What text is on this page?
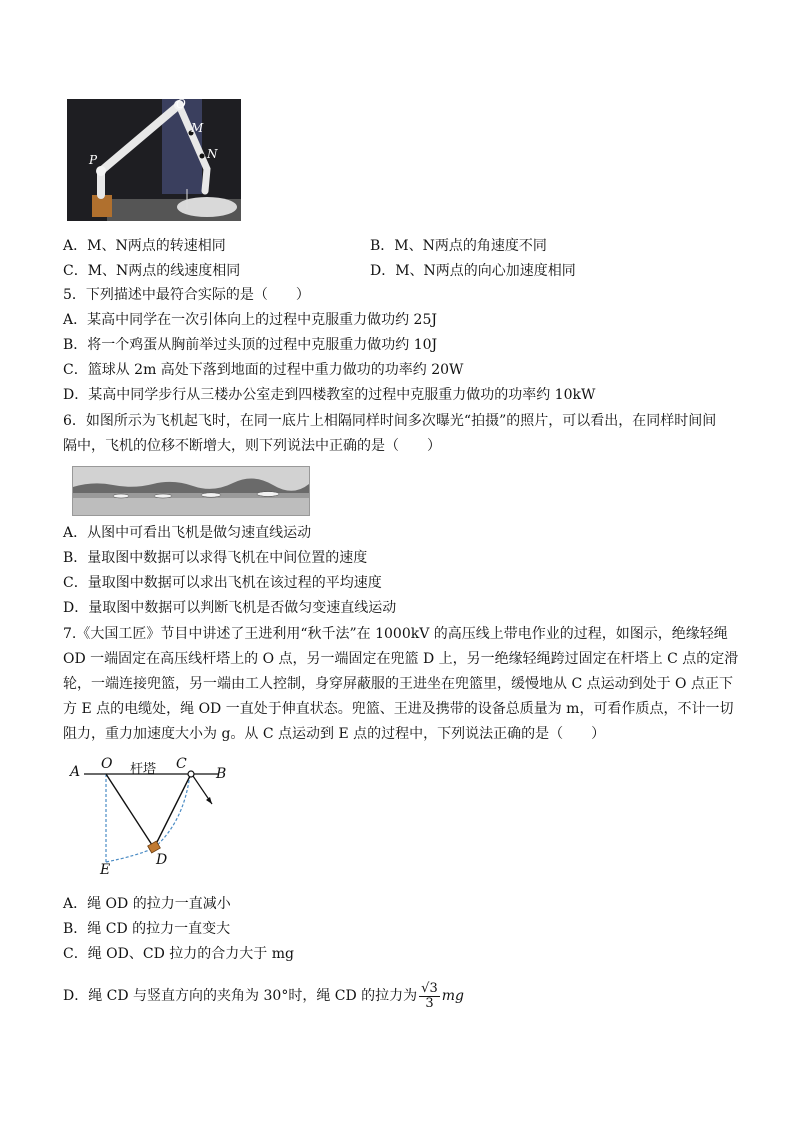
O
M
N
P
A．M、N两点的转速相同	B．M、N两点的角速度不同
C．M、N两点的线速度相同	D．M、N两点的向心加速度相同
5．下列描述中最符合实际的是（　　）
A．某高中同学在一次引体向上的过程中克服重力做功约 25J
B．将一个鸡蛋从胸前举过头顶的过程中克服重力做功约 10J
C．篮球从 2m 高处下落到地面的过程中重力做功的功率约 20W
D．某高中同学步行从三楼办公室走到四楼教室的过程中克服重力做功的功率约 10kW
6．如图所示为飞机起飞时，在同一底片上相隔同样时间多次曝光“拍摄”的照片，可以看出，在同样时间间
隔中，飞机的位移不断增大，则下列说法中正确的是（　　）
A．从图中可看出飞机是做匀速直线运动
B．量取图中数据可以求得飞机在中间位置的速度
C．量取图中数据可以求出飞机在该过程的平均速度
D．量取图中数据可以判断飞机是否做匀变速直线运动
7.《大国工匠》节目中讲述了王进利用“秋千法”在 1000kV 的高压线上带电作业的过程，如图示，绝缘轻绳
OD 一端固定在高压线杆塔上的 O 点，另一端固定在兜篮 D 上，另一绝缘轻绳跨过固定在杆塔上 C 点的定滑
轮，一端连接兜篮，另一端由工人控制，身穿屏蔽服的王进坐在兜篮里，缓慢地从 C 点运动到处于 O 点正下
方 E 点的电缆处，绳 OD 一直处于伸直状态。兜篮、王进及携带的设备总质量为 m，可看作质点，不计一切
阻力，重力加速度大小为 g。从 C 点运动到 E 点的过程中，下列说法正确的是（　　）
A O 杆塔 C
B
E
D
A．绳 OD 的拉力一直减小
B．绳 CD 的拉力一直变大
C．绳 OD、CD 拉力的合力大于 mg
D．绳 CD 与竖直方向的夹角为 30°时，绳 CD 的拉力为 $\frac{√3}{3}$ mg
